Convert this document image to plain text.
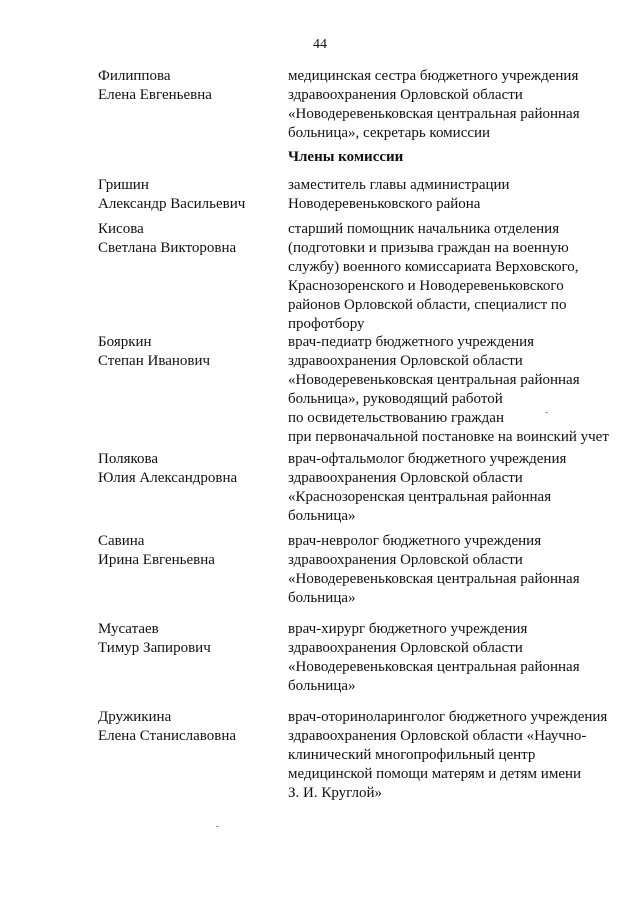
44
Филиппова
Елена Евгеньевна
медицинская сестра бюджетного учреждения
здравоохранения Орловской области
«Новодеревеньковская центральная районная
больница», секретарь комиссии
Члены комиссии
Гришин
Александр Васильевич
заместитель главы администрации
Новодеревеньковского района
Кисова
Светлана Викторовна
старший помощник начальника отделения
(подготовки и призыва граждан на военную
службу) военного комиссариата Верховского,
Краснозоренского и Новодеревеньковского
районов Орловской области, специалист по
профотбору
Бояркин
Степан Иванович
врач-педиатр бюджетного учреждения
здравоохранения Орловской области
«Новодеревеньковская центральная районная
больница», руководящий работой
по освидетельствованию граждан
при первоначальной постановке на воинский учет
Полякова
Юлия Александровна
врач-офтальмолог бюджетного учреждения
здравоохранения Орловской области
«Краснозоренская центральная районная
больница»
Савина
Ирина Евгеньевна
врач-невролог бюджетного учреждения
здравоохранения Орловской области
«Новодеревеньковская центральная районная
больница»
Мусатаев
Тимур Запирович
врач-хирург бюджетного учреждения
здравоохранения Орловской области
«Новодеревеньковская центральная районная
больница»
Дружикина
Елена Станиславовна
врач-оториноларинголог бюджетного учреждения
здравоохранения Орловской области «Научно-
клинический многопрофильный центр
медицинской помощи матерям и детям имени
З. И. Круглой»
